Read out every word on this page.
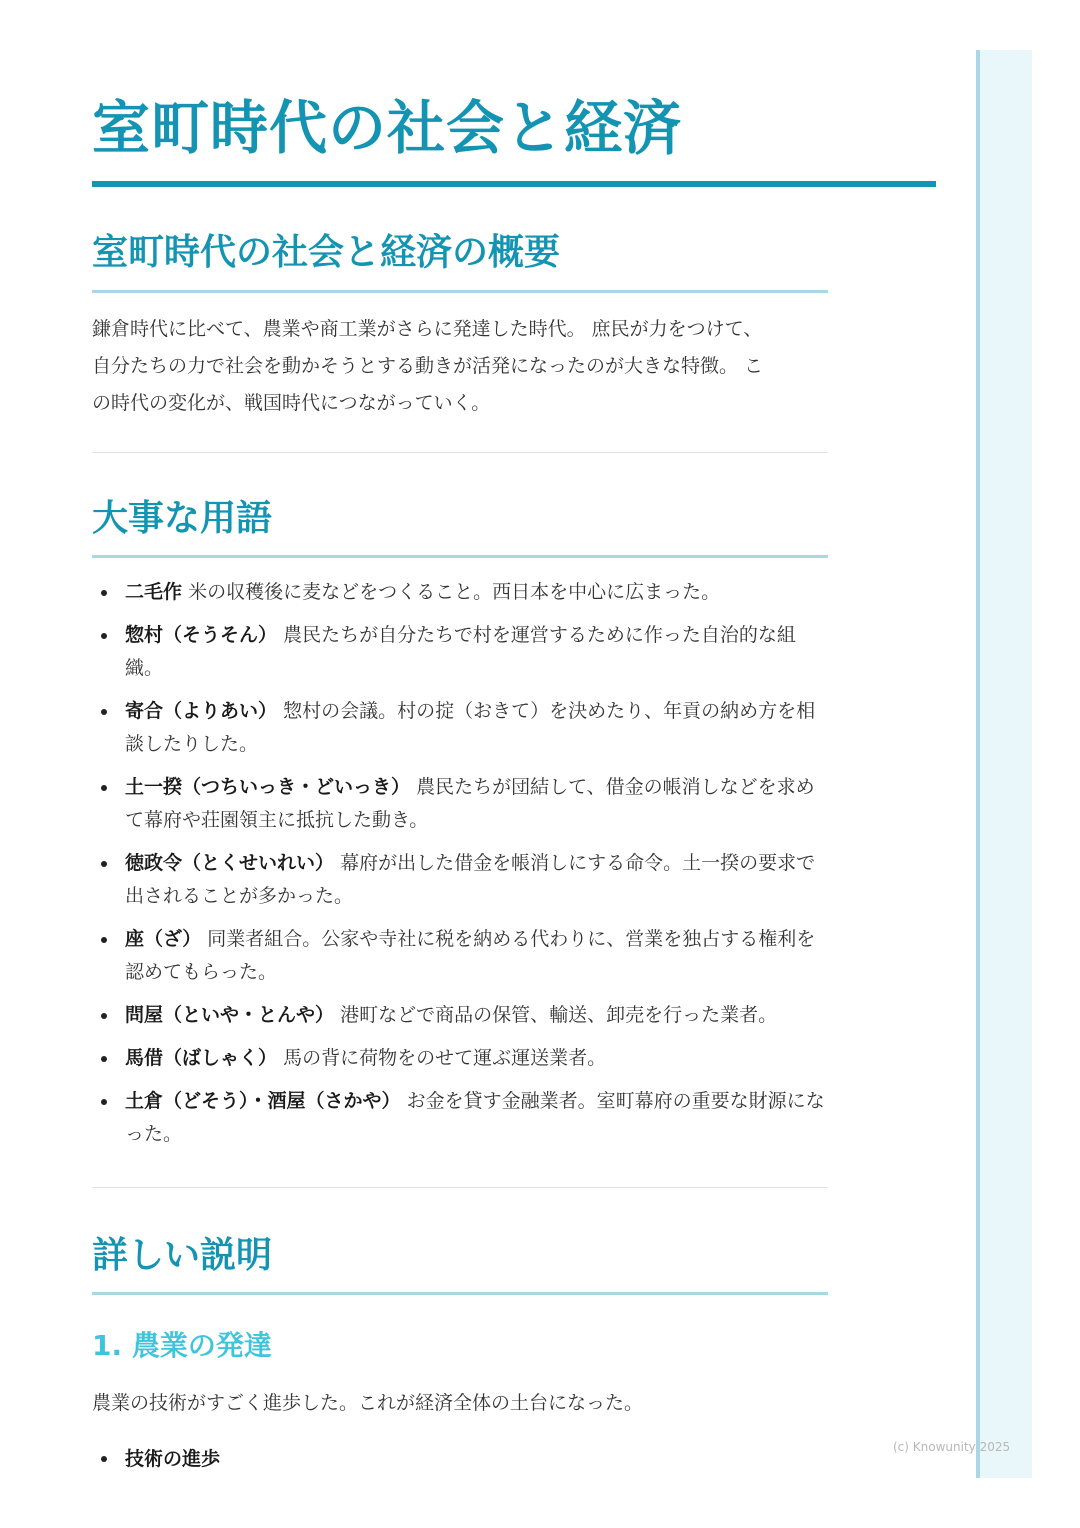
室町時代の社会と経済
室町時代の社会と経済の概要
鎌倉時代に比べて、農業や商工業がさらに発達した時代。 庶民が力をつけて、
自分たちの力で社会を動かそうとする動きが活発になったのが大きな特徴。 こ
の時代の変化が、戦国時代につながっていく。
大事な用語
二毛作 米の収穫後に麦などをつくること。西日本を中心に広まった。
惣村（そうそん） 農民たちが自分たちで村を運営するために作った自治的な組織。
寄合（よりあい） 惣村の会議。村の掟（おきて）を決めたり、年貢の納め方を相談したりした。
土一揆（つちいっき・どいっき） 農民たちが団結して、借金の帳消しなどを求めて幕府や荘園領主に抵抗した動き。
徳政令（とくせいれい） 幕府が出した借金を帳消しにする命令。土一揆の要求で出されることが多かった。
座（ざ） 同業者組合。公家や寺社に税を納める代わりに、営業を独占する権利を認めてもらった。
問屋（といや・とんや） 港町などで商品の保管、輸送、卸売を行った業者。
馬借（ばしゃく） 馬の背に荷物をのせて運ぶ運送業者。
土倉（どそう）・酒屋（さかや） お金を貸す金融業者。室町幕府の重要な財源になった。
詳しい説明
1. 農業の発達
農業の技術がすごく進歩した。これが経済全体の土台になった。
技術の進歩
(c) Knowunity 2025
